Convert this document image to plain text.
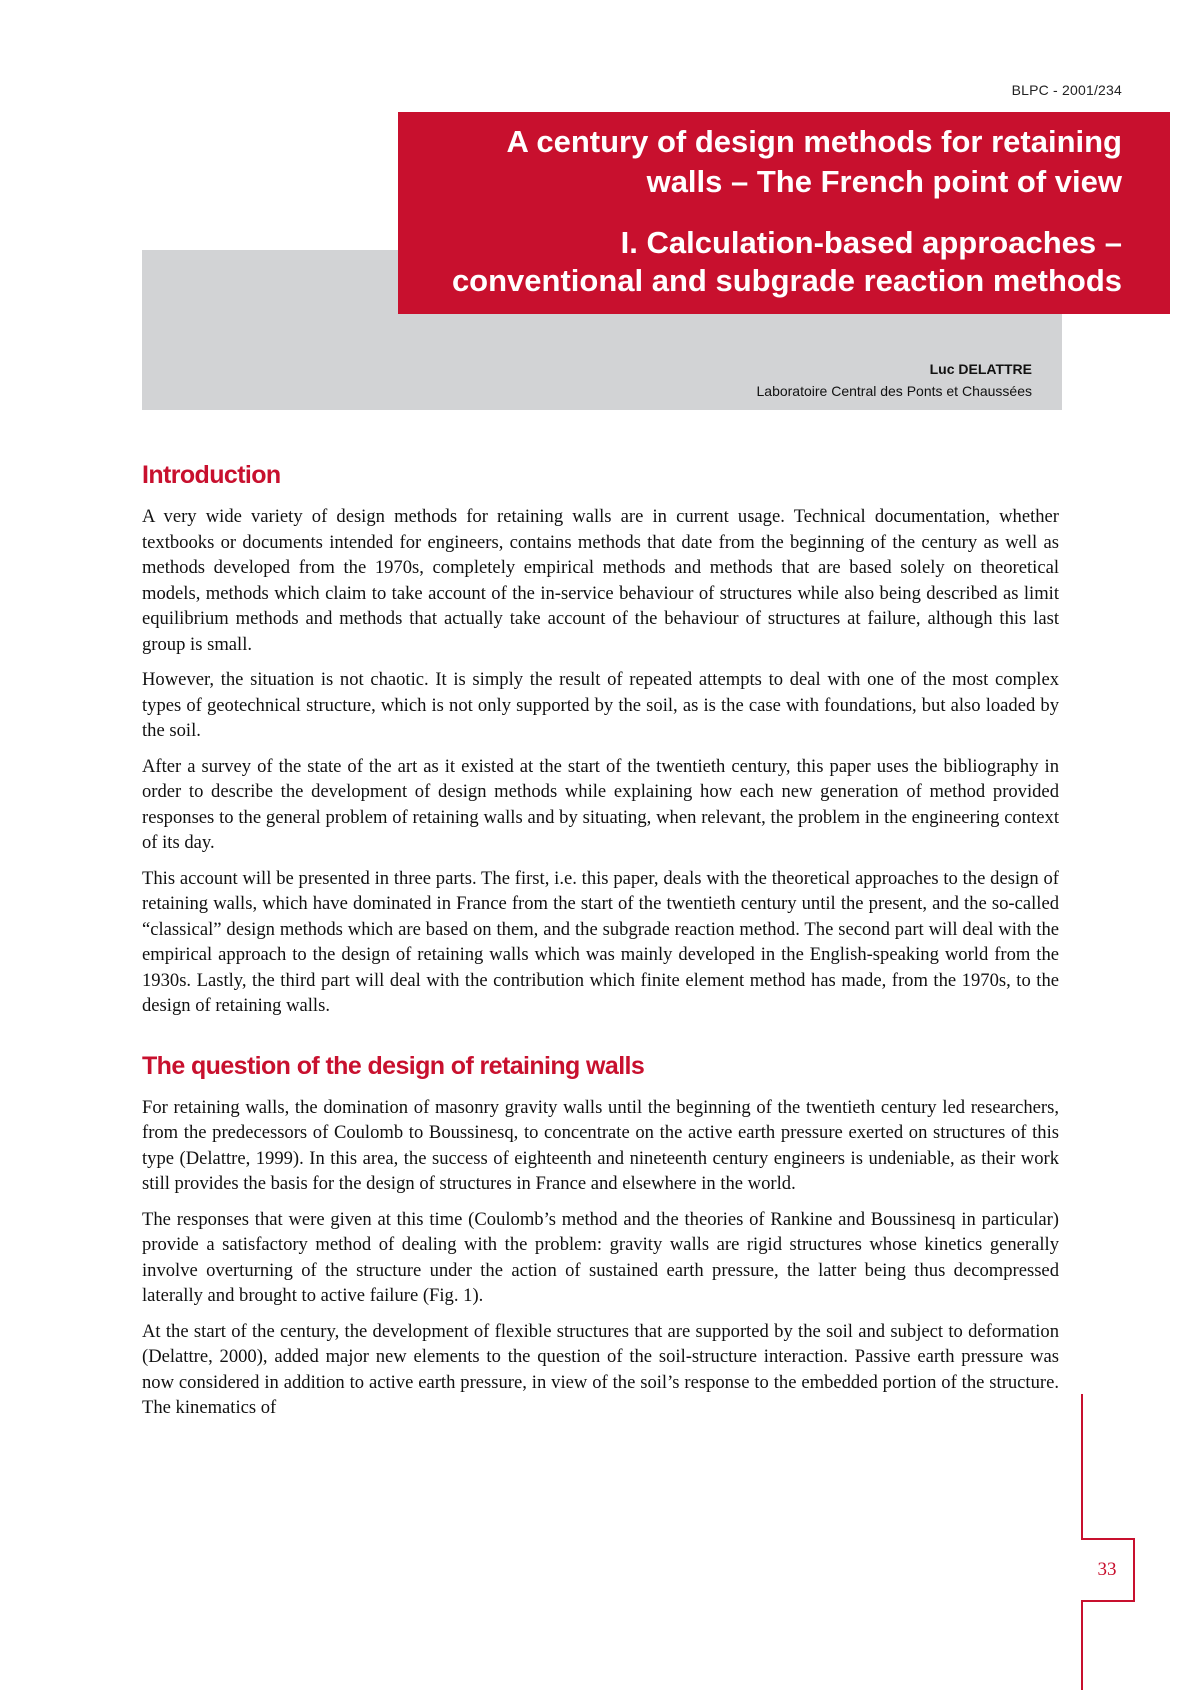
BLPC - 2001/234
A century of design methods for retaining
walls – The French point of view
I. Calculation-based approaches –
conventional and subgrade reaction methods
Luc DELATTRE
Laboratoire Central des Ponts et Chaussées
Introduction

A very wide variety of design methods for retaining walls are in current usage. Technical documentation, whether textbooks or documents intended for engineers, contains methods that date from the beginning of the century as well as methods developed from the 1970s, completely empirical methods and methods that are based solely on theoretical models, methods which claim to take account of the in-service behaviour of structures while also being described as limit equilibrium methods and methods that actually take account of the behaviour of structures at failure, although this last group is small.

However, the situation is not chaotic. It is simply the result of repeated attempts to deal with one of the most complex types of geotechnical structure, which is not only supported by the soil, as is the case with foundations, but also loaded by the soil.

After a survey of the state of the art as it existed at the start of the twentieth century, this paper uses the bibliography in order to describe the development of design methods while explaining how each new generation of method provided responses to the general problem of retaining walls and by situating, when relevant, the problem in the engineering context of its day.

This account will be presented in three parts. The first, i.e. this paper, deals with the theoretical approaches to the design of retaining walls, which have dominated in France from the start of the twentieth century until the present, and the so-called “classical” design methods which are based on them, and the subgrade reaction method. The second part will deal with the empirical approach to the design of retaining walls which was mainly developed in the English-speaking world from the 1930s. Lastly, the third part will deal with the contribution which finite element method has made, from the 1970s, to the design of retaining walls.

The question of the design of retaining walls

For retaining walls, the domination of masonry gravity walls until the beginning of the twentieth century led researchers, from the predecessors of Coulomb to Boussinesq, to concentrate on the active earth pressure exerted on structures of this type (Delattre, 1999). In this area, the success of eighteenth and nineteenth century engineers is undeniable, as their work still provides the basis for the design of structures in France and elsewhere in the world.

The responses that were given at this time (Coulomb’s method and the theories of Rankine and Boussinesq in particular) provide a satisfactory method of dealing with the problem: gravity walls are rigid structures whose kinetics generally involve overturning of the structure under the action of sustained earth pressure, the latter being thus decompressed laterally and brought to active failure (Fig. 1).

At the start of the century, the development of flexible structures that are supported by the soil and subject to deformation (Delattre, 2000), added major new elements to the question of the soil-structure interaction. Passive earth pressure was now considered in addition to active earth pressure, in view of the soil’s response to the embedded portion of the structure. The kinematics of

33
